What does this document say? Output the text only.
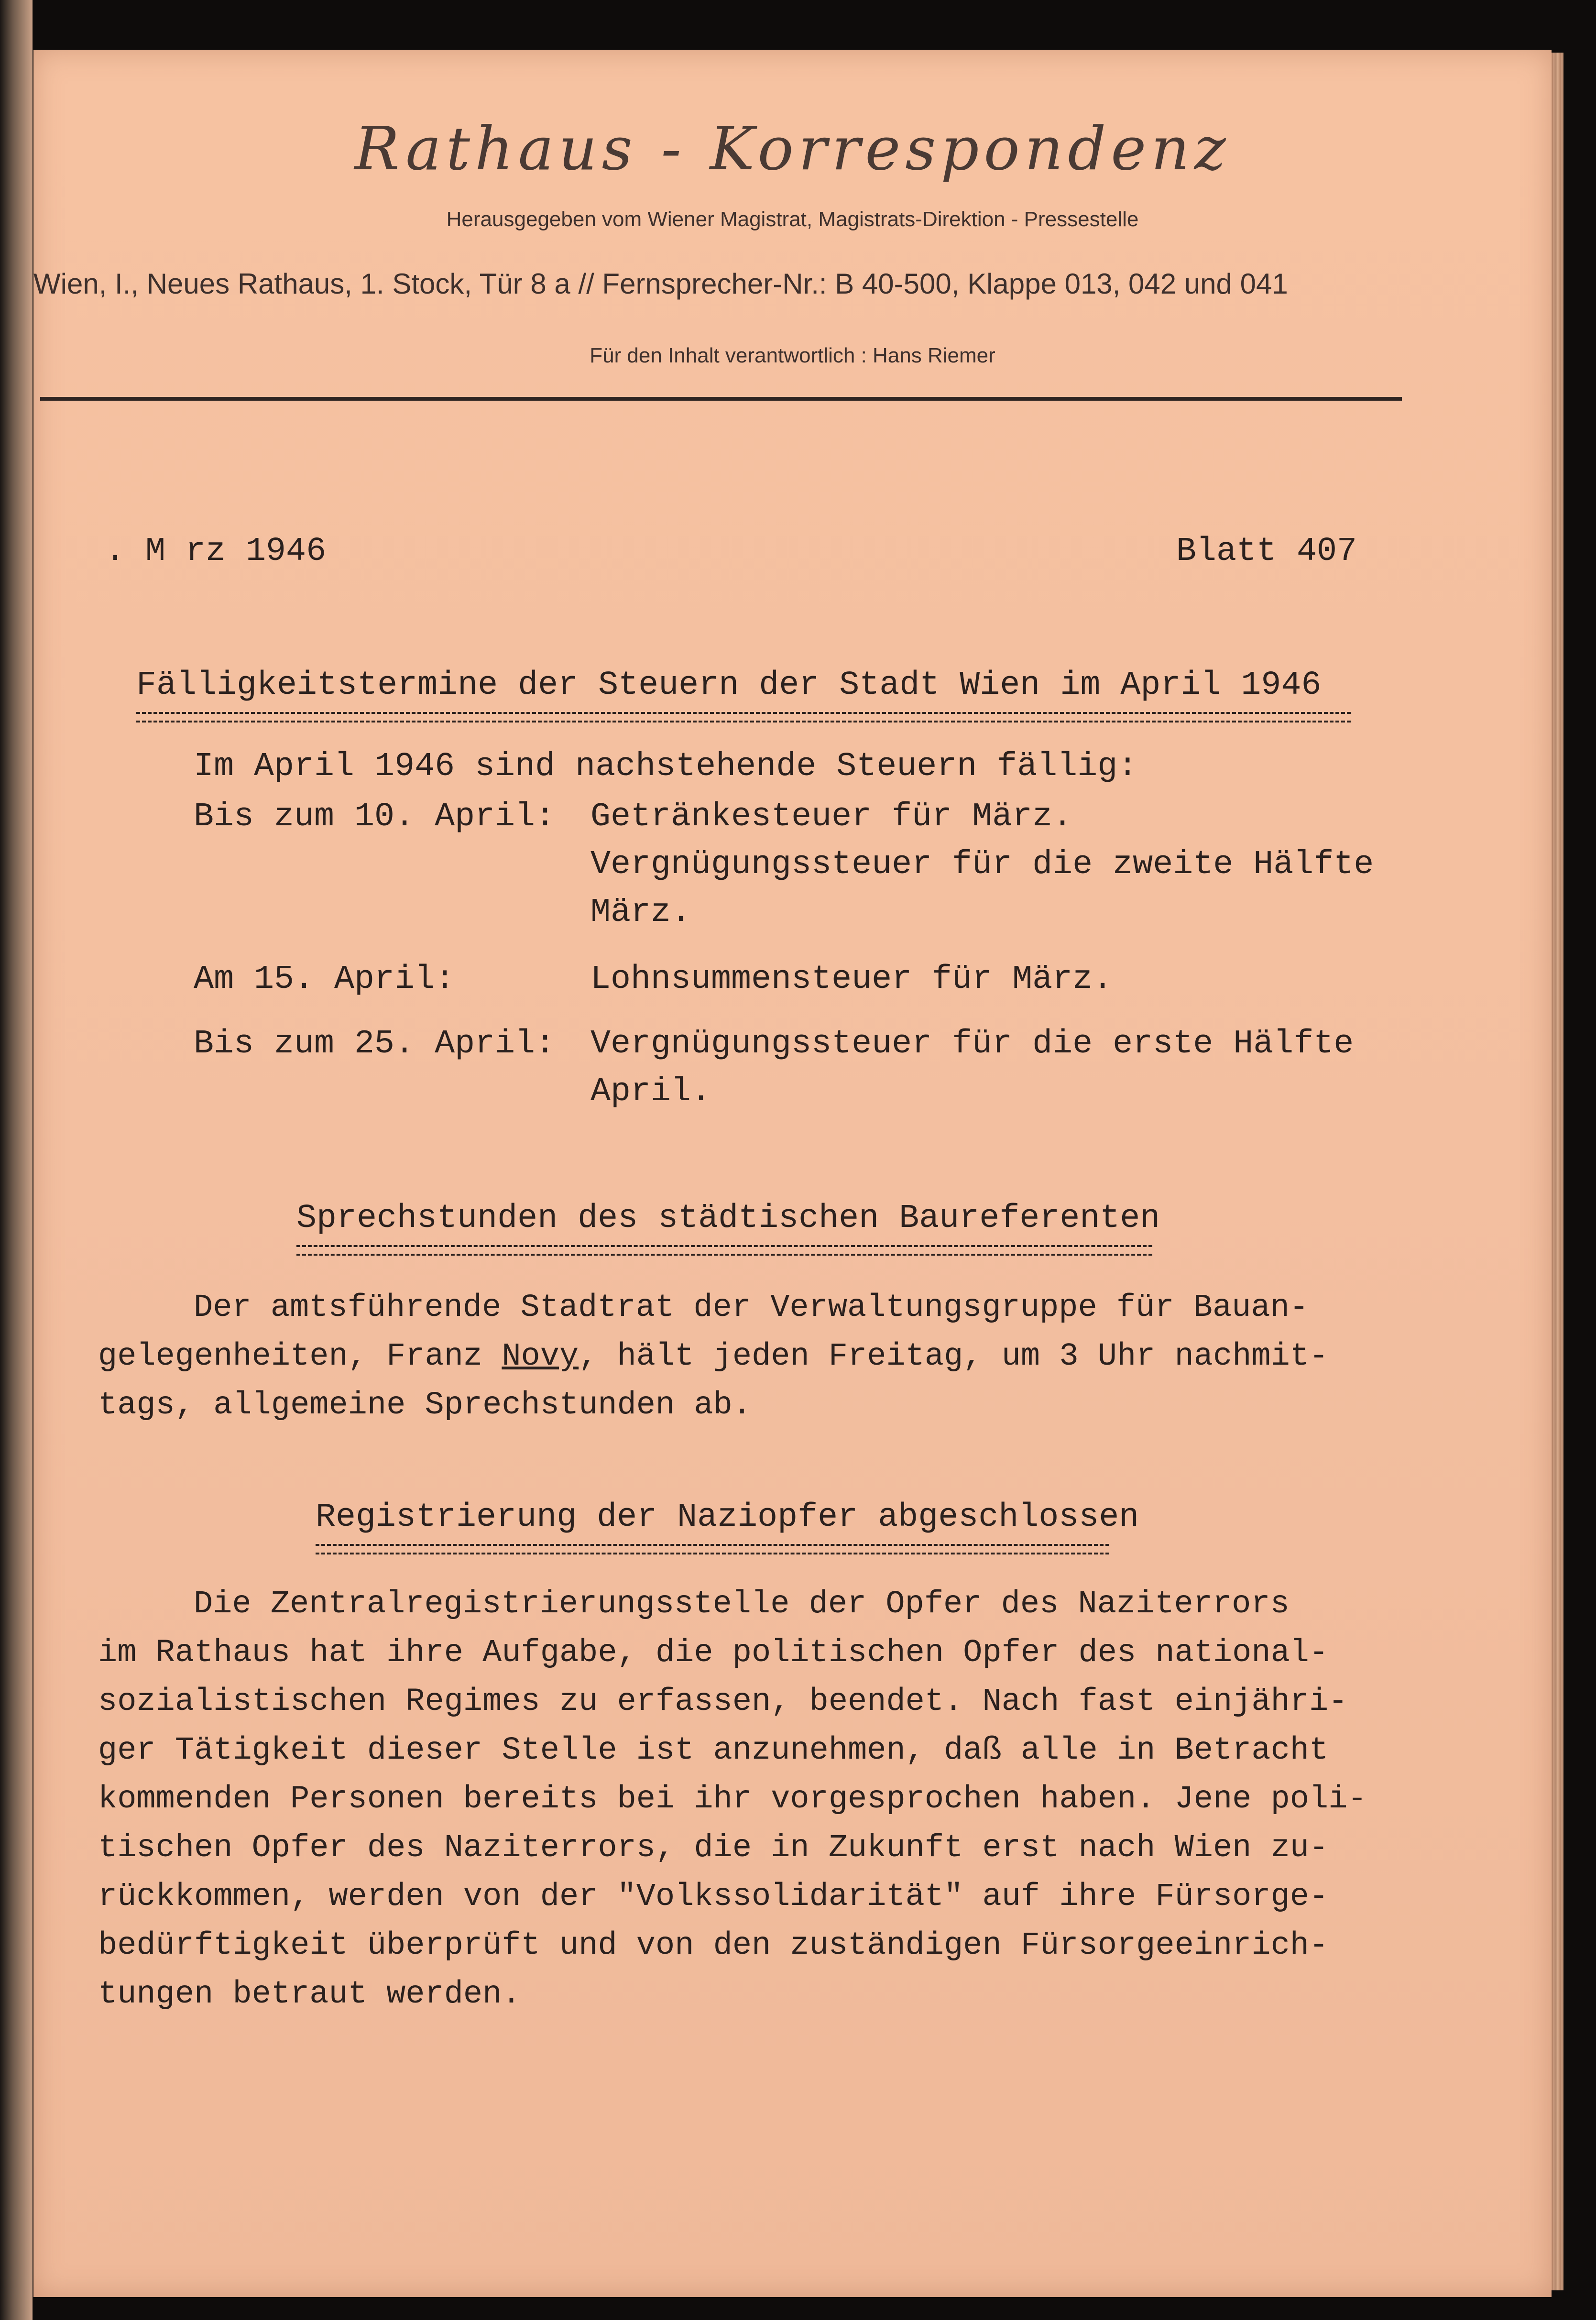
Rathaus - Korrespondenz
Herausgegeben vom Wiener Magistrat, Magistrats-Direktion - Pressestelle
Wien, I., Neues Rathaus, 1. Stock, Tür 8 a // Fernsprecher-Nr.: B 40-500, Klappe 013, 042 und 041
Für den Inhalt verantwortlich : Hans Riemer
. M rz 1946	Blatt 407
Fälligkeitstermine der Steuern der Stadt Wien im April 1946
Im April 1946 sind nachstehende Steuern fällig:
Bis zum 10. April: Getränkesteuer für März.
Vergnügungssteuer für die zweite Hälfte
März.
Am 15. April:	Lohnsummensteuer für März.
Bis zum 25. April: Vergnügungssteuer für die erste Hälfte
April.
Sprechstunden des städtischen Baureferenten
Der amtsführende Stadtrat der Verwaltungsgruppe für Bauan-
gelegenheiten, Franz Novy, hält jeden Freitag, um 3 Uhr nachmit-
tags, allgemeine Sprechstunden ab.
Registrierung der Naziopfer abgeschlossen
Die Zentralregistrierungsstelle der Opfer des Naziterrors
im Rathaus hat ihre Aufgabe, die politischen Opfer des national-
sozialistischen Regimes zu erfassen, beendet. Nach fast einjähri-
ger Tätigkeit dieser Stelle ist anzunehmen, daß alle in Betracht
kommenden Personen bereits bei ihr vorgesprochen haben. Jene poli-
tischen Opfer des Naziterrors, die in Zukunft erst nach Wien zu-
rückkommen, werden von der "Volkssolidarität" auf ihre Fürsorge-
bedürftigkeit überprüft und von den zuständigen Fürsorgeeinrich-
tungen betraut werden.
